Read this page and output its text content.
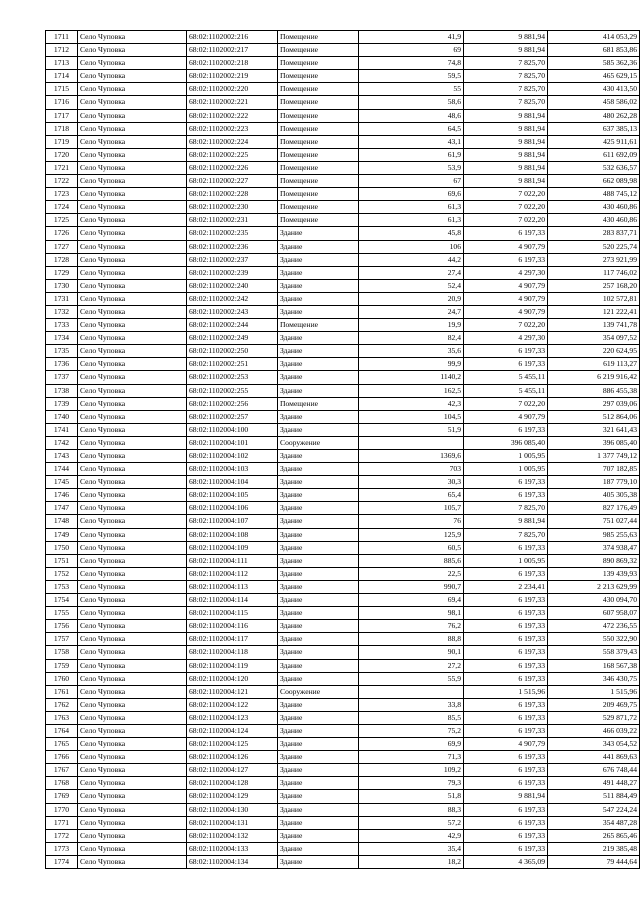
1711	Село Чуповка	68:02:1102002:216	Помещение	41,9	9 881,94	414 053,29
1712	Село Чуповка	68:02:1102002:217	Помещение	69	9 881,94	681 853,86
1713	Село Чуповка	68:02:1102002:218	Помещение	74,8	7 825,70	585 362,36
1714	Село Чуповка	68:02:1102002:219	Помещение	59,5	7 825,70	465 629,15
1715	Село Чуповка	68:02:1102002:220	Помещение	55	7 825,70	430 413,50
1716	Село Чуповка	68:02:1102002:221	Помещение	58,6	7 825,70	458 586,02
1717	Село Чуповка	68:02:1102002:222	Помещение	48,6	9 881,94	480 262,28
1718	Село Чуповка	68:02:1102002:223	Помещение	64,5	9 881,94	637 385,13
1719	Село Чуповка	68:02:1102002:224	Помещение	43,1	9 881,94	425 911,61
1720	Село Чуповка	68:02:1102002:225	Помещение	61,9	9 881,94	611 692,09
1721	Село Чуповка	68:02:1102002:226	Помещение	53,9	9 881,94	532 636,57
1722	Село Чуповка	68:02:1102002:227	Помещение	67	9 881,94	662 089,98
1723	Село Чуповка	68:02:1102002:228	Помещение	69,6	7 022,20	488 745,12
1724	Село Чуповка	68:02:1102002:230	Помещение	61,3	7 022,20	430 460,86
1725	Село Чуповка	68:02:1102002:231	Помещение	61,3	7 022,20	430 460,86
1726	Село Чуповка	68:02:1102002:235	Здание	45,8	6 197,33	283 837,71
1727	Село Чуповка	68:02:1102002:236	Здание	106	4 907,79	520 225,74
1728	Село Чуповка	68:02:1102002:237	Здание	44,2	6 197,33	273 921,99
1729	Село Чуповка	68:02:1102002:239	Здание	27,4	4 297,30	117 746,02
1730	Село Чуповка	68:02:1102002:240	Здание	52,4	4 907,79	257 168,20
1731	Село Чуповка	68:02:1102002:242	Здание	20,9	4 907,79	102 572,81
1732	Село Чуповка	68:02:1102002:243	Здание	24,7	4 907,79	121 222,41
1733	Село Чуповка	68:02:1102002:244	Помещение	19,9	7 022,20	139 741,78
1734	Село Чуповка	68:02:1102002:249	Здание	82,4	4 297,30	354 097,52
1735	Село Чуповка	68:02:1102002:250	Здание	35,6	6 197,33	220 624,95
1736	Село Чуповка	68:02:1102002:251	Здание	99,9	6 197,33	619 113,27
1737	Село Чуповка	68:02:1102002:253	Здание	1140,2	5 455,11	6 219 916,42
1738	Село Чуповка	68:02:1102002:255	Здание	162,5	5 455,11	886 455,38
1739	Село Чуповка	68:02:1102002:256	Помещение	42,3	7 022,20	297 039,06
1740	Село Чуповка	68:02:1102002:257	Здание	104,5	4 907,79	512 864,06
1741	Село Чуповка	68:02:1102004:100	Здание	51,9	6 197,33	321 641,43
1742	Село Чуповка	68:02:1102004:101	Сооружение		396 085,40	396 085,40
1743	Село Чуповка	68:02:1102004:102	Здание	1369,6	1 005,95	1 377 749,12
1744	Село Чуповка	68:02:1102004:103	Здание	703	1 005,95	707 182,85
1745	Село Чуповка	68:02:1102004:104	Здание	30,3	6 197,33	187 779,10
1746	Село Чуповка	68:02:1102004:105	Здание	65,4	6 197,33	405 305,38
1747	Село Чуповка	68:02:1102004:106	Здание	105,7	7 825,70	827 176,49
1748	Село Чуповка	68:02:1102004:107	Здание	76	9 881,94	751 027,44
1749	Село Чуповка	68:02:1102004:108	Здание	125,9	7 825,70	985 255,63
1750	Село Чуповка	68:02:1102004:109	Здание	60,5	6 197,33	374 938,47
1751	Село Чуповка	68:02:1102004:111	Здание	885,6	1 005,95	890 869,32
1752	Село Чуповка	68:02:1102004:112	Здание	22,5	6 197,33	139 439,93
1753	Село Чуповка	68:02:1102004:113	Здание	990,7	2 234,41	2 213 629,99
1754	Село Чуповка	68:02:1102004:114	Здание	69,4	6 197,33	430 094,70
1755	Село Чуповка	68:02:1102004:115	Здание	98,1	6 197,33	607 958,07
1756	Село Чуповка	68:02:1102004:116	Здание	76,2	6 197,33	472 236,55
1757	Село Чуповка	68:02:1102004:117	Здание	88,8	6 197,33	550 322,90
1758	Село Чуповка	68:02:1102004:118	Здание	90,1	6 197,33	558 379,43
1759	Село Чуповка	68:02:1102004:119	Здание	27,2	6 197,33	168 567,38
1760	Село Чуповка	68:02:1102004:120	Здание	55,9	6 197,33	346 430,75
1761	Село Чуповка	68:02:1102004:121	Сооружение		1 515,96	1 515,96
1762	Село Чуповка	68:02:1102004:122	Здание	33,8	6 197,33	209 469,75
1763	Село Чуповка	68:02:1102004:123	Здание	85,5	6 197,33	529 871,72
1764	Село Чуповка	68:02:1102004:124	Здание	75,2	6 197,33	466 039,22
1765	Село Чуповка	68:02:1102004:125	Здание	69,9	4 907,79	343 054,52
1766	Село Чуповка	68:02:1102004:126	Здание	71,3	6 197,33	441 869,63
1767	Село Чуповка	68:02:1102004:127	Здание	109,2	6 197,33	676 748,44
1768	Село Чуповка	68:02:1102004:128	Здание	79,3	6 197,33	491 448,27
1769	Село Чуповка	68:02:1102004:129	Здание	51,8	9 881,94	511 884,49
1770	Село Чуповка	68:02:1102004:130	Здание	88,3	6 197,33	547 224,24
1771	Село Чуповка	68:02:1102004:131	Здание	57,2	6 197,33	354 487,28
1772	Село Чуповка	68:02:1102004:132	Здание	42,9	6 197,33	265 865,46
1773	Село Чуповка	68:02:1102004:133	Здание	35,4	6 197,33	219 385,48
1774	Село Чуповка	68:02:1102004:134	Здание	18,2	4 365,09	79 444,64
